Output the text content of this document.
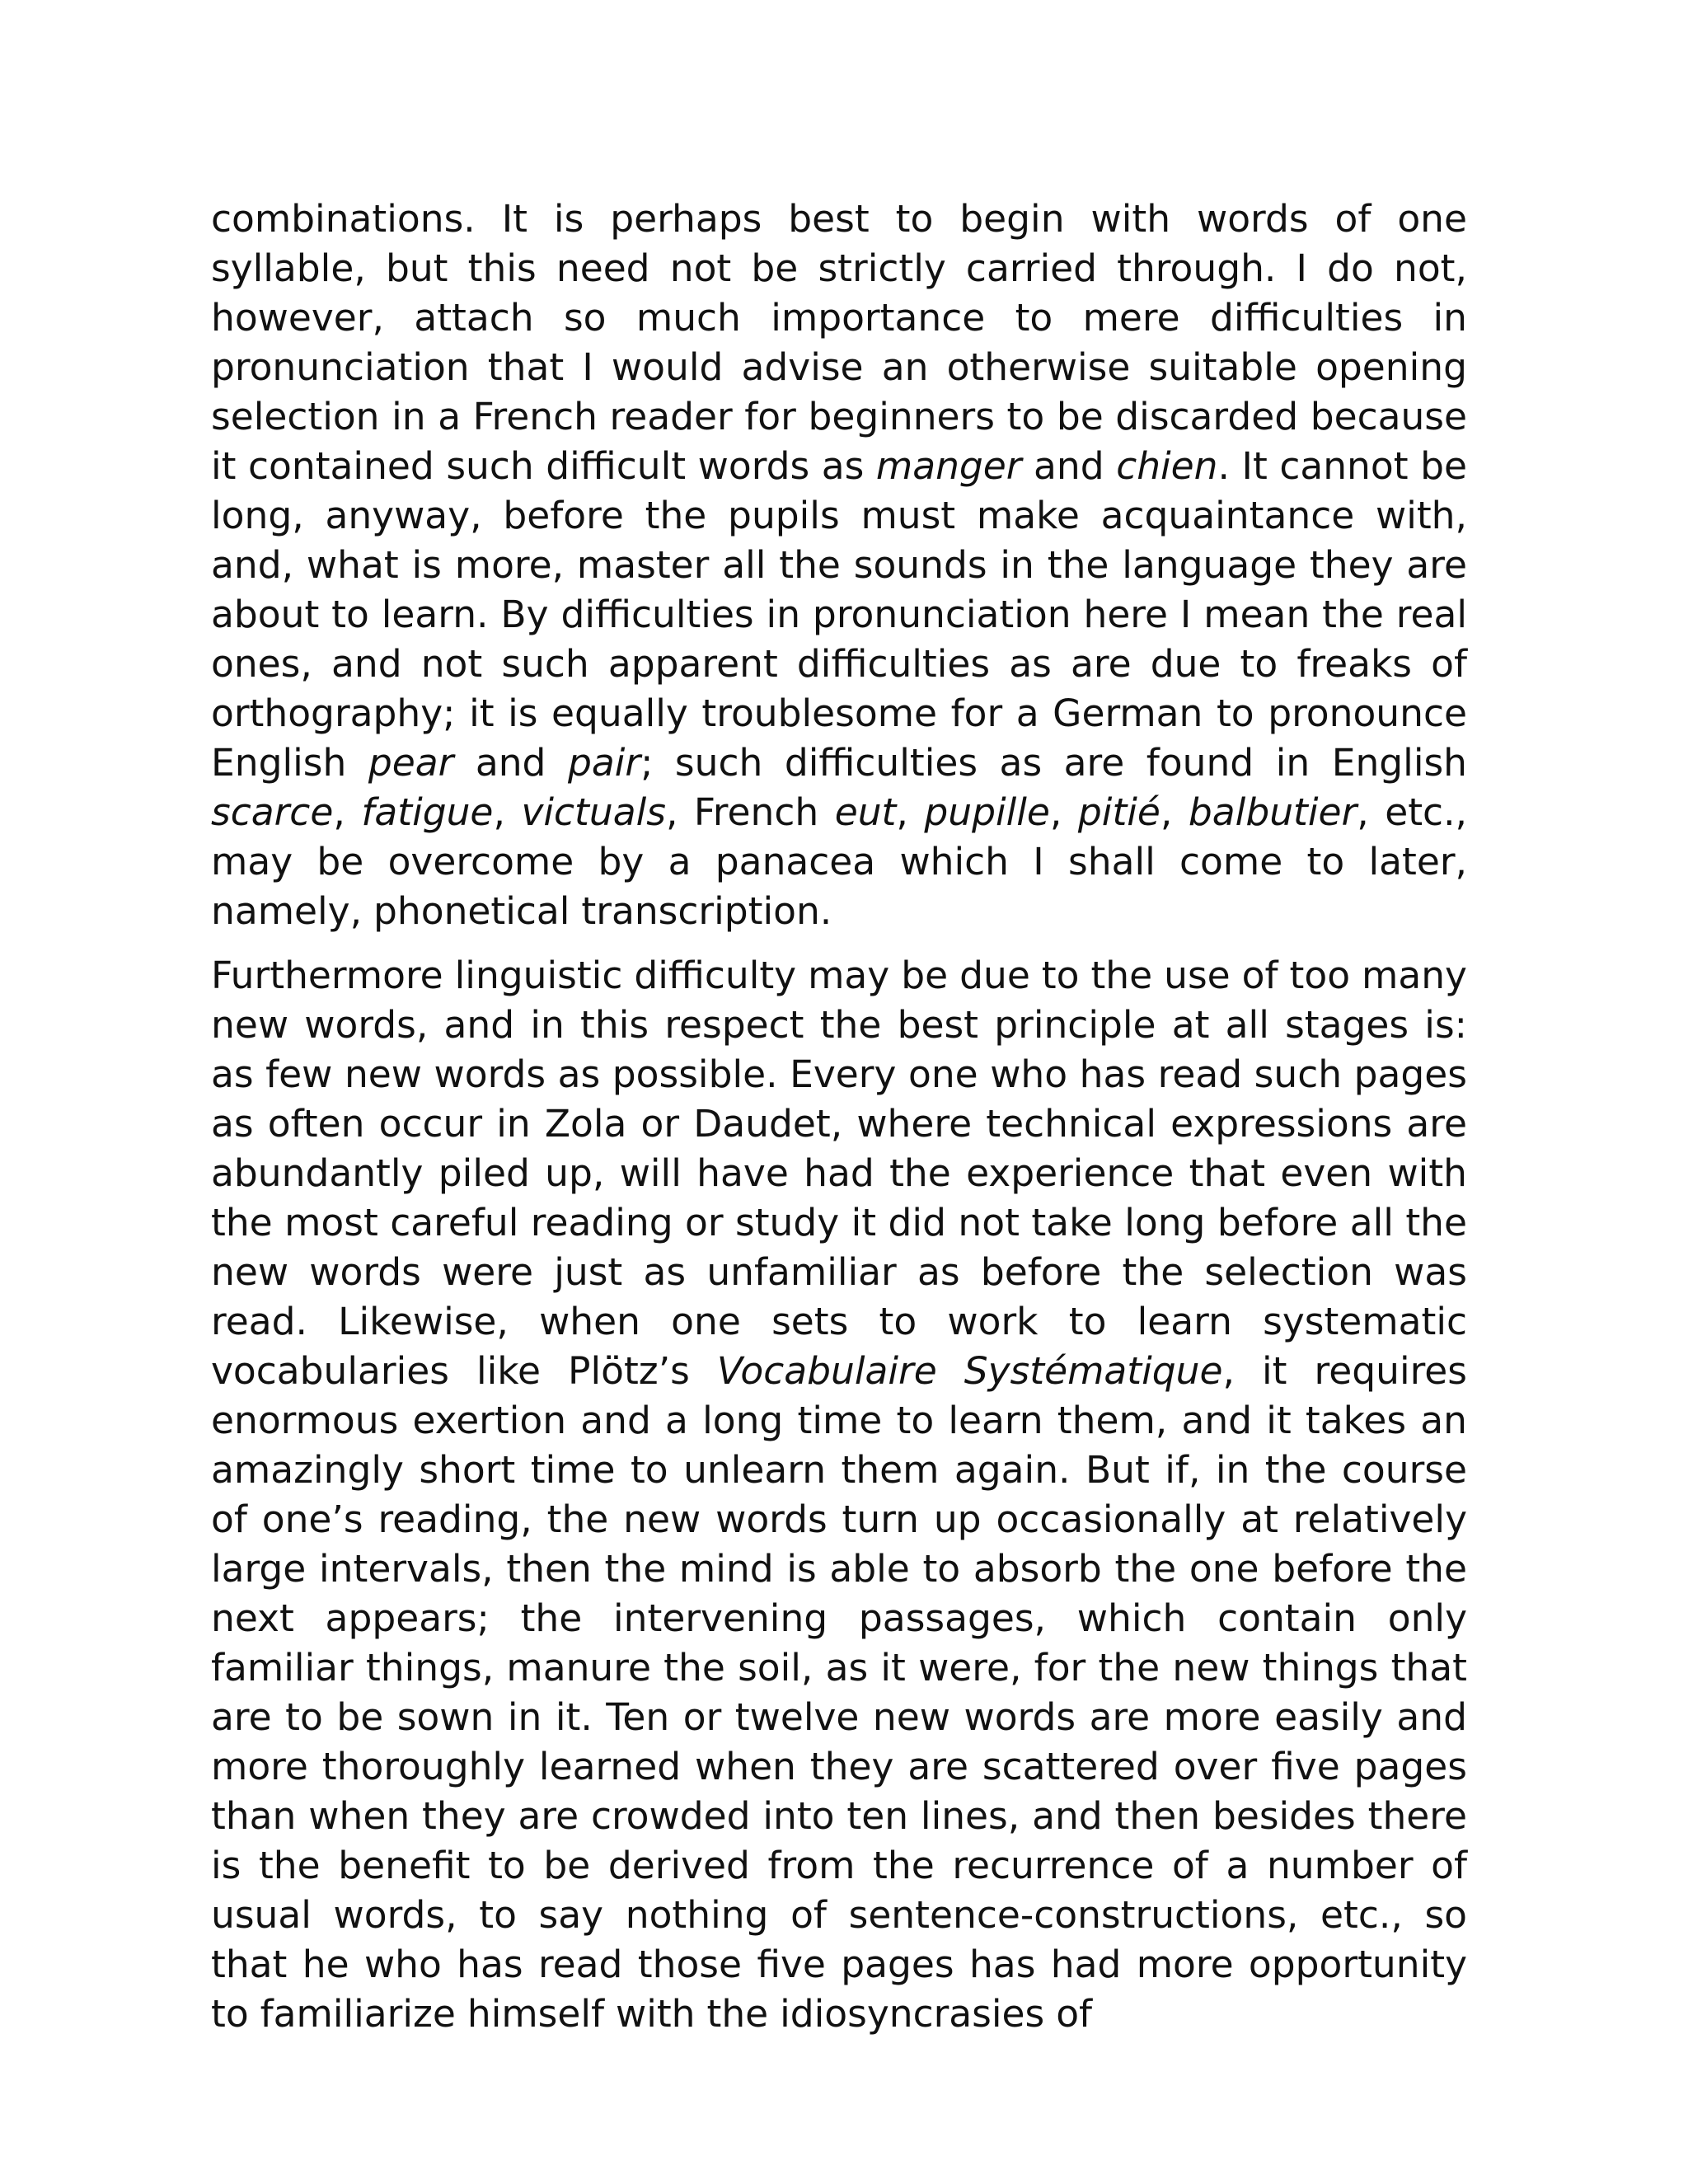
combinations. It is perhaps best to begin with words of one syllable, but this need not be strictly carried through. I do not, however, attach so much importance to mere difficulties in pronunciation that I would advise an otherwise suitable opening selection in a French reader for beginners to be discarded because it contained such difficult words as manger and chien. It cannot be long, anyway, before the pupils must make acquaintance with, and, what is more, master all the sounds in the language they are about to learn. By difficulties in pronunciation here I mean the real ones, and not such apparent difficulties as are due to freaks of orthography; it is equally troublesome for a German to pronounce English pear and pair; such difficulties as are found in English scarce, fatigue, victuals, French eut, pupille, pitié, balbutier, etc., may be overcome by a panacea which I shall come to later, namely, phonetical transcription.

Furthermore linguistic difficulty may be due to the use of too many new words, and in this respect the best principle at all stages is: as few new words as possible. Every one who has read such pages as often occur in Zola or Daudet, where technical expressions are abundantly piled up, will have had the experience that even with the most careful reading or study it did not take long before all the new words were just as unfamiliar as before the selection was read. Likewise, when one sets to work to learn systematic vocabularies like Plötz’s Vocabulaire Systématique, it requires enormous exertion and a long time to learn them, and it takes an amazingly short time to unlearn them again. But if, in the course of one’s reading, the new words turn up occasionally at relatively large intervals, then the mind is able to absorb the one before the next appears; the intervening passages, which contain only familiar things, manure the soil, as it were, for the new things that are to be sown in it. Ten or twelve new words are more easily and more thoroughly learned when they are scattered over five pages than when they are crowded into ten lines, and then besides there is the benefit to be derived from the recurrence of a number of usual words, to say nothing of sentence-constructions, etc., so that he who has read those five pages has had more opportunity to familiarize himself with the idiosyncrasies of
